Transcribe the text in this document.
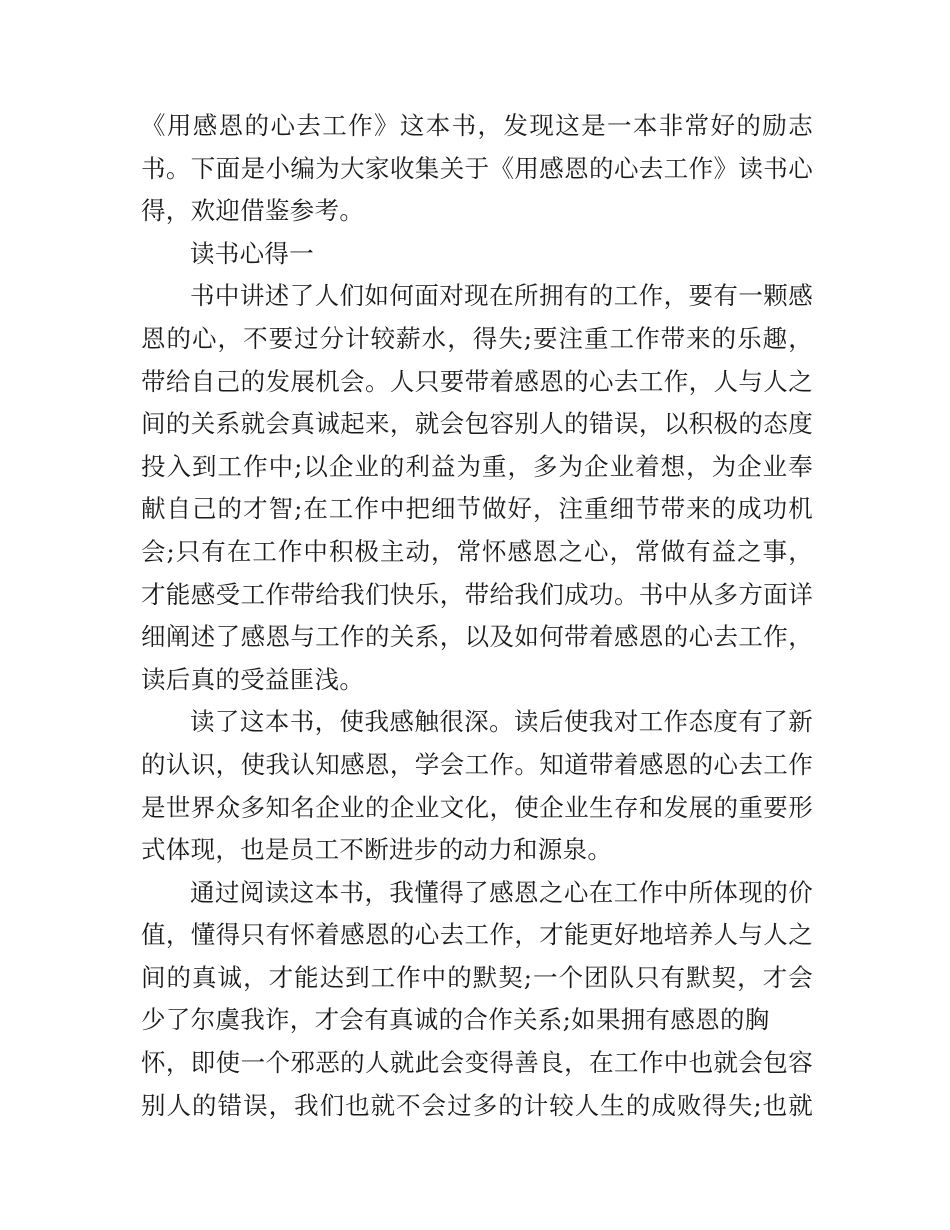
《用感恩的心去工作》这本书，发现这是一本非常好的励志
书。下面是小编为大家收集关于《用感恩的心去工作》读书心
得，欢迎借鉴参考。
读书心得一
书中讲述了人们如何面对现在所拥有的工作，要有一颗感
恩的心，不要过分计较薪水，得失;要注重工作带来的乐趣，
带给自己的发展机会。人只要带着感恩的心去工作，人与人之
间的关系就会真诚起来，就会包容别人的错误，以积极的态度
投入到工作中;以企业的利益为重，多为企业着想，为企业奉
献自己的才智;在工作中把细节做好，注重细节带来的成功机
会;只有在工作中积极主动，常怀感恩之心，常做有益之事，
才能感受工作带给我们快乐，带给我们成功。书中从多方面详
细阐述了感恩与工作的关系，以及如何带着感恩的心去工作，
读后真的受益匪浅。
读了这本书，使我感触很深。读后使我对工作态度有了新
的认识，使我认知感恩，学会工作。知道带着感恩的心去工作
是世界众多知名企业的企业文化，使企业生存和发展的重要形
式体现，也是员工不断进步的动力和源泉。
通过阅读这本书，我懂得了感恩之心在工作中所体现的价
值，懂得只有怀着感恩的心去工作，才能更好地培养人与人之
间的真诚，才能达到工作中的默契;一个团队只有默契，才会
少了尔虞我诈，才会有真诚的合作关系;如果拥有感恩的胸
怀，即使一个邪恶的人就此会变得善良，在工作中也就会包容
别人的错误，我们也就不会过多的计较人生的成败得失;也就
